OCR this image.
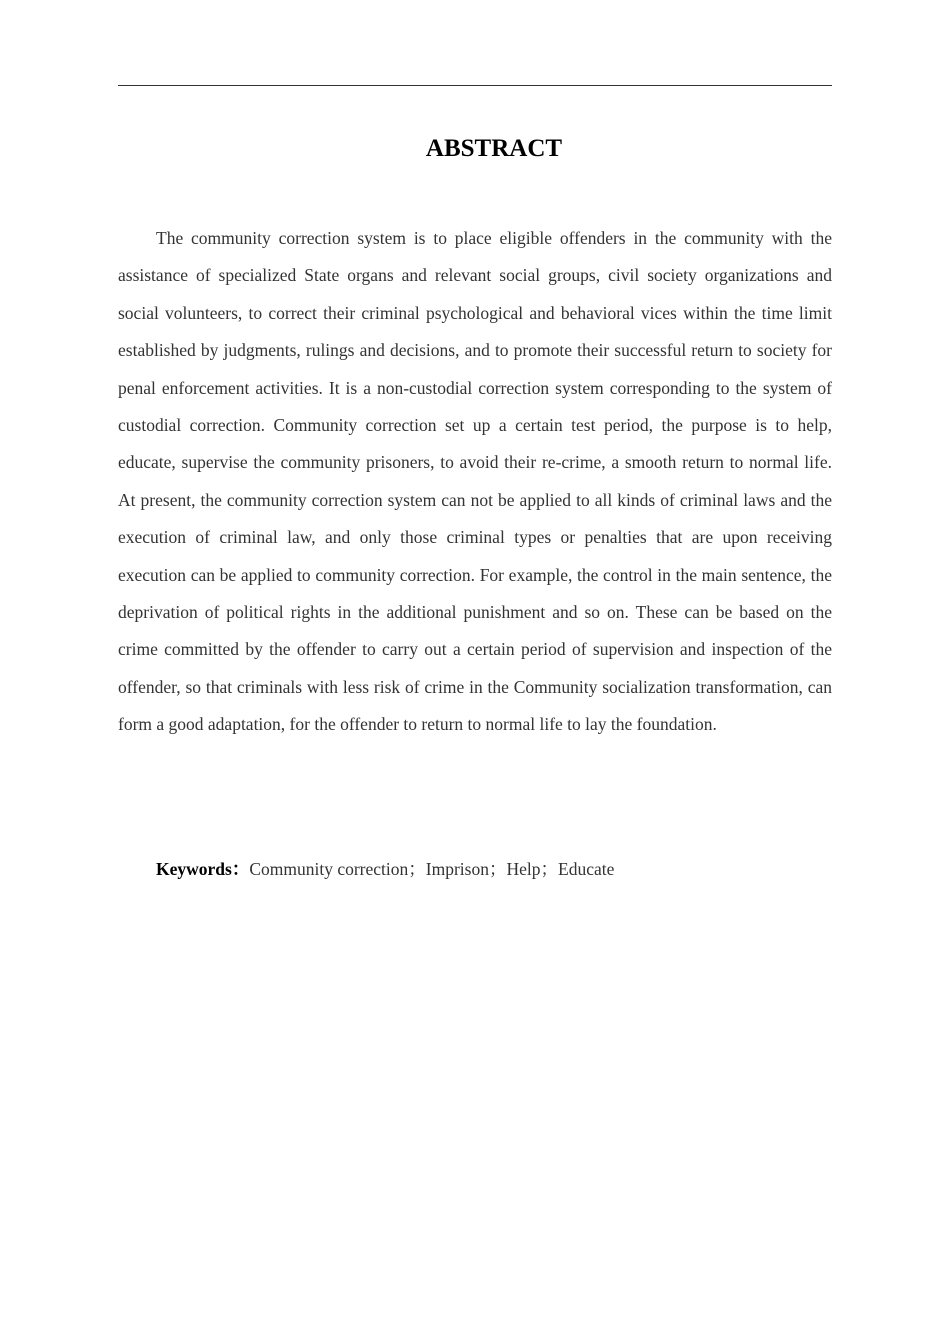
ABSTRACT

The community correction system is to place eligible offenders in the community with the assistance of specialized State organs and relevant social groups, civil society organizations and social volunteers, to correct their criminal psychological and behavioral vices within the time limit established by judgments, rulings and decisions, and to promote their successful return to society for penal enforcement activities. It is a non-custodial correction system corresponding to the system of custodial correction. Community correction set up a certain test period, the purpose is to help, educate, supervise the community prisoners, to avoid their re-crime, a smooth return to normal life. At present, the community correction system can not be applied to all kinds of criminal laws and the execution of criminal law, and only those criminal types or penalties that are upon receiving execution can be applied to community correction. For example, the control in the main sentence, the deprivation of political rights in the additional punishment and so on. These can be based on the crime committed by the offender to carry out a certain period of supervision and inspection of the offender, so that criminals with less risk of crime in the Community socialization transformation, can form a good adaptation, for the offender to return to normal life to lay the foundation.

Keywords：Community correction；Imprison；Help；Educate
